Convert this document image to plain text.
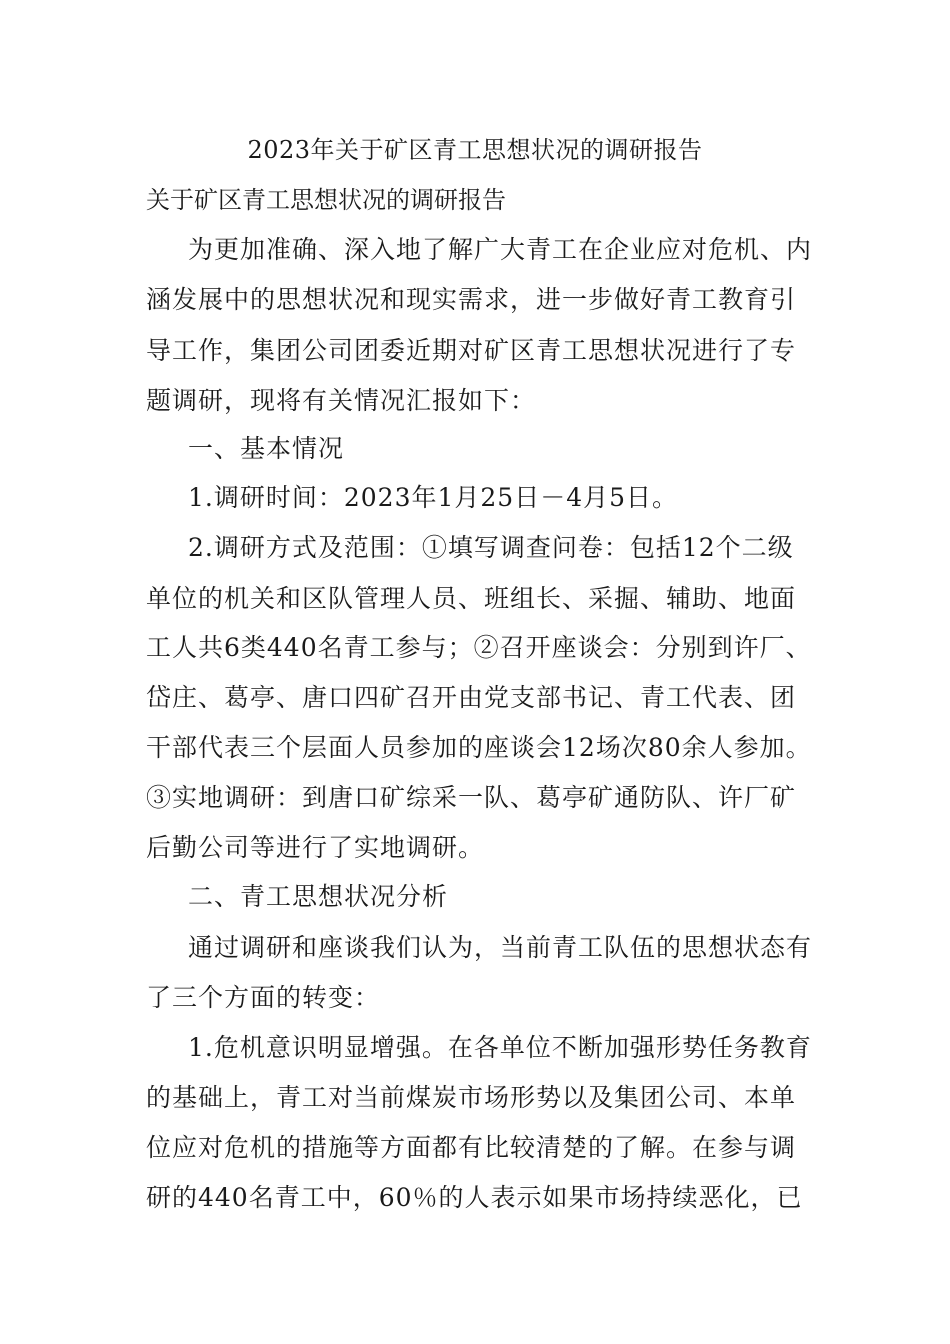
2023年关于矿区青工思想状况的调研报告

关于矿区青工思想状况的调研报告

为更加准确、深入地了解广大青工在企业应对危机、内

涵发展中的思想状况和现实需求，进一步做好青工教育引

导工作，集团公司团委近期对矿区青工思想状况进行了专

题调研，现将有关情况汇报如下：

一、基本情况

1.调研时间：2023年1月25日－4月5日。

2.调研方式及范围：①填写调查问卷：包括12个二级

单位的机关和区队管理人员、班组长、采掘、辅助、地面

工人共6类440名青工参与；②召开座谈会：分别到许厂、

岱庄、葛亭、唐口四矿召开由党支部书记、青工代表、团

干部代表三个层面人员参加的座谈会12场次80余人参加。

③实地调研：到唐口矿综采一队、葛亭矿通防队、许厂矿

后勤公司等进行了实地调研。

二、青工思想状况分析

通过调研和座谈我们认为，当前青工队伍的思想状态有

了三个方面的转变：

1.危机意识明显增强。在各单位不断加强形势任务教育

的基础上，青工对当前煤炭市场形势以及集团公司、本单

位应对危机的措施等方面都有比较清楚的了解。在参与调

研的440名青工中，60％的人表示如果市场持续恶化，已
